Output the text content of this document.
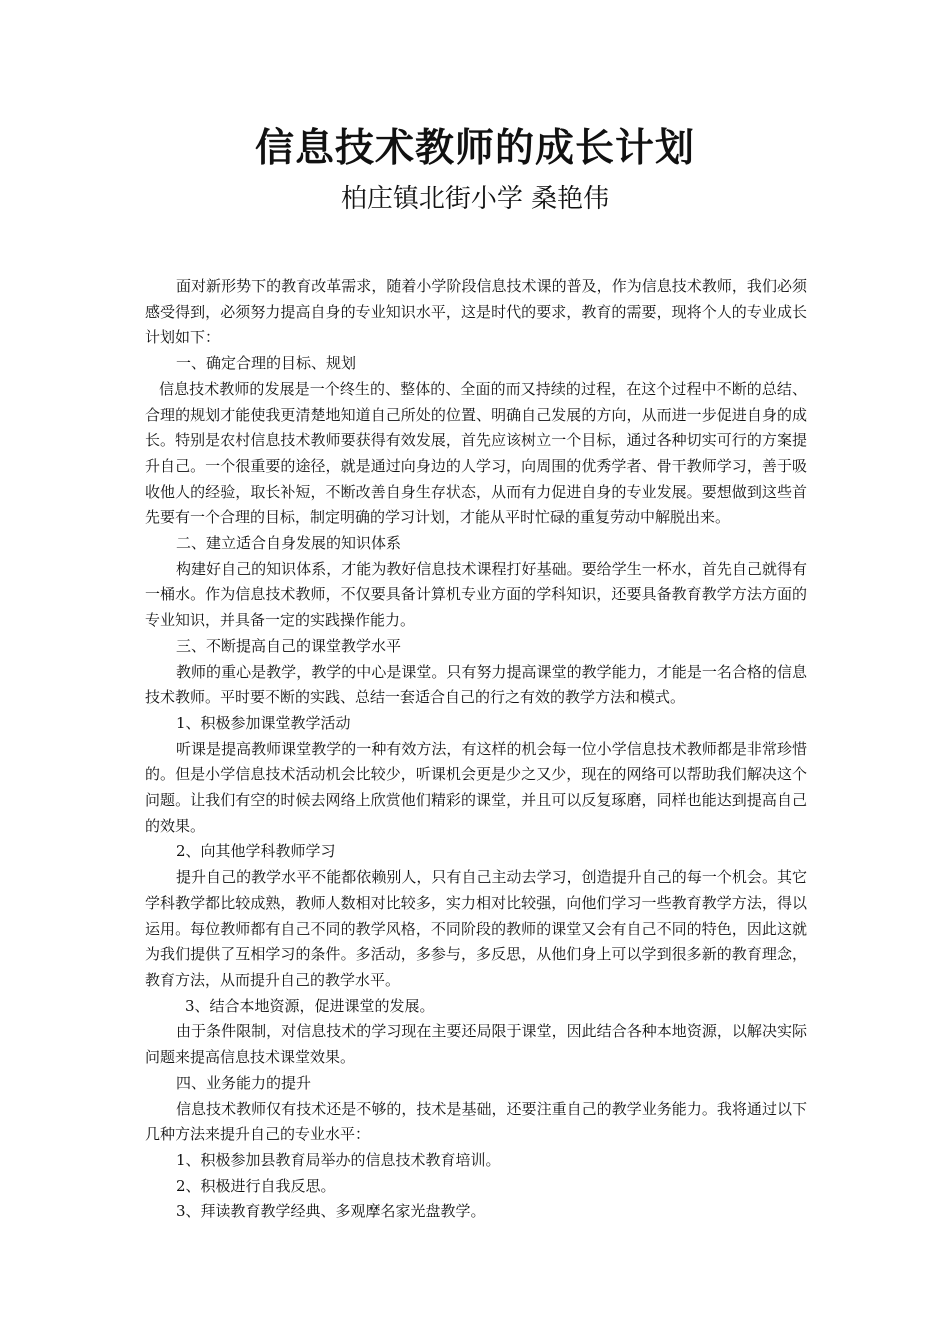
信息技术教师的成长计划
柏庄镇北街小学 桑艳伟

面对新形势下的教育改革需求，随着小学阶段信息技术课的普及，作为信息技术教师，我们必须感受得到，必须努力提高自身的专业知识水平，这是时代的要求，教育的需要，现将个人的专业成长计划如下：

一、确定合理的目标、规划

信息技术教师的发展是一个终生的、整体的、全面的而又持续的过程，在这个过程中不断的总结、合理的规划才能使我更清楚地知道自己所处的位置、明确自己发展的方向，从而进一步促进自身的成长。特别是农村信息技术教师要获得有效发展，首先应该树立一个目标，通过各种切实可行的方案提升自己。一个很重要的途径，就是通过向身边的人学习，向周围的优秀学者、骨干教师学习，善于吸收他人的经验，取长补短，不断改善自身生存状态，从而有力促进自身的专业发展。要想做到这些首先要有一个合理的目标，制定明确的学习计划，才能从平时忙碌的重复劳动中解脱出来。

二、建立适合自身发展的知识体系

构建好自己的知识体系，才能为教好信息技术课程打好基础。要给学生一杯水，首先自己就得有一桶水。作为信息技术教师，不仅要具备计算机专业方面的学科知识，还要具备教育教学方法方面的专业知识，并具备一定的实践操作能力。

三、不断提高自己的课堂教学水平

教师的重心是教学，教学的中心是课堂。只有努力提高课堂的教学能力，才能是一名合格的信息技术教师。平时要不断的实践、总结一套适合自己的行之有效的教学方法和模式。

1、积极参加课堂教学活动

听课是提高教师课堂教学的一种有效方法，有这样的机会每一位小学信息技术教师都是非常珍惜的。但是小学信息技术活动机会比较少，听课机会更是少之又少，现在的网络可以帮助我们解决这个问题。让我们有空的时候去网络上欣赏他们精彩的课堂，并且可以反复琢磨，同样也能达到提高自己的效果。

2、向其他学科教师学习

提升自己的教学水平不能都依赖别人，只有自己主动去学习，创造提升自己的每一个机会。其它学科教学都比较成熟，教师人数相对比较多，实力相对比较强，向他们学习一些教育教学方法，得以运用。每位教师都有自己不同的教学风格，不同阶段的教师的课堂又会有自己不同的特色，因此这就为我们提供了互相学习的条件。多活动，多参与，多反思，从他们身上可以学到很多新的教育理念，教育方法，从而提升自己的教学水平。

3、结合本地资源，促进课堂的发展。

由于条件限制，对信息技术的学习现在主要还局限于课堂，因此结合各种本地资源，以解决实际问题来提高信息技术课堂效果。

四、业务能力的提升

信息技术教师仅有技术还是不够的，技术是基础，还要注重自己的教学业务能力。我将通过以下几种方法来提升自己的专业水平：

1、积极参加县教育局举办的信息技术教育培训。

2、积极进行自我反思。

3、拜读教育教学经典、多观摩名家光盘教学。
